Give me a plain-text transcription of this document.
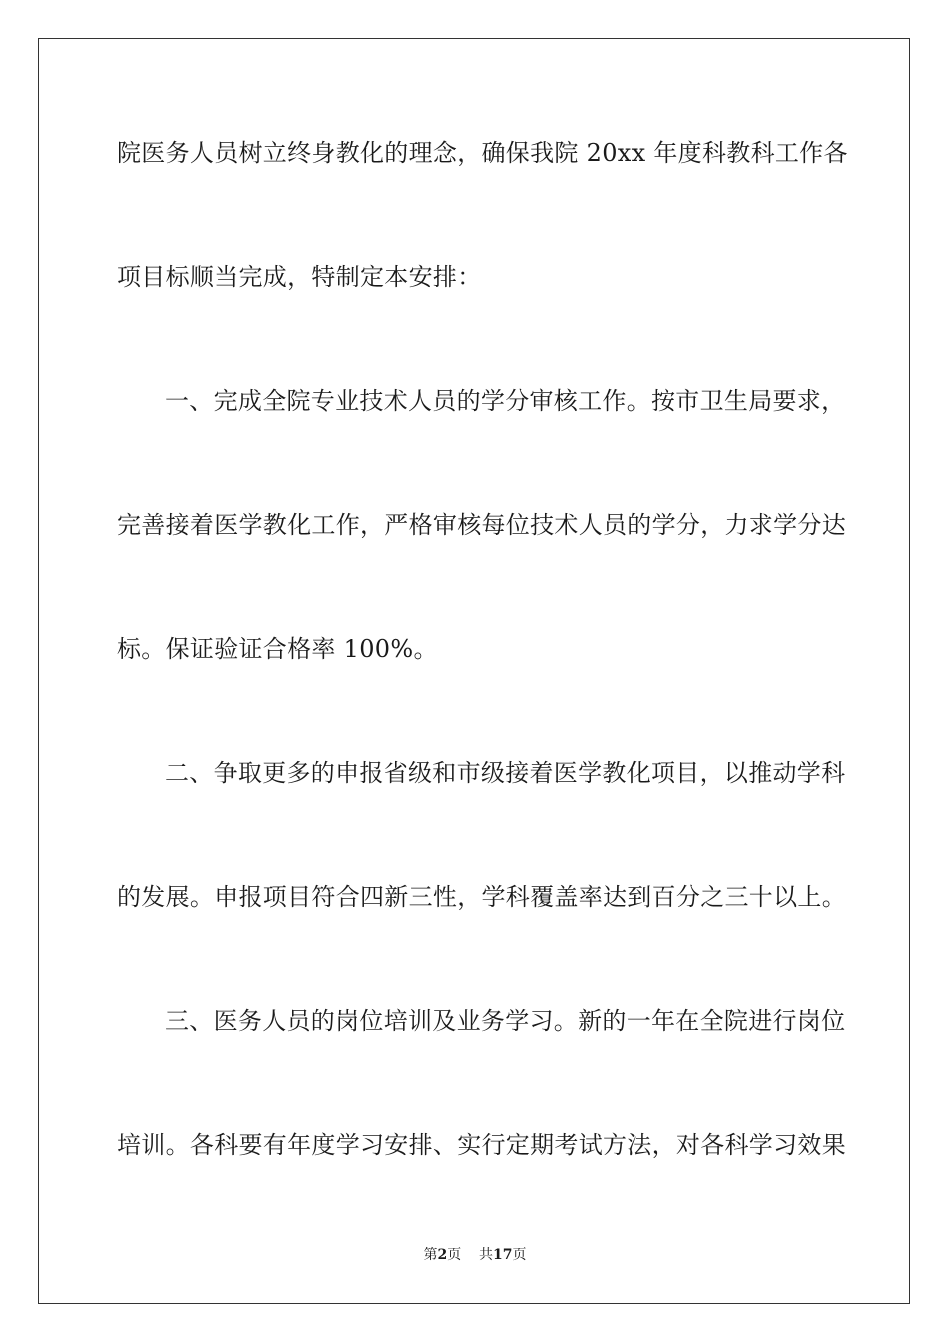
院医务人员树立终身教化的理念，确保我院 20xx 年度科教科工作各
项目标顺当完成，特制定本安排：
一、完成全院专业技术人员的学分审核工作。按市卫生局要求，
完善接着医学教化工作，严格审核每位技术人员的学分，力求学分达
标。保证验证合格率 100%。
二、争取更多的申报省级和市级接着医学教化项目，以推动学科
的发展。申报项目符合四新三性，学科覆盖率达到百分之三十以上。
三、医务人员的岗位培训及业务学习。新的一年在全院进行岗位
培训。各科要有年度学习安排、实行定期考试方法，对各科学习效果
第2页    共17页
